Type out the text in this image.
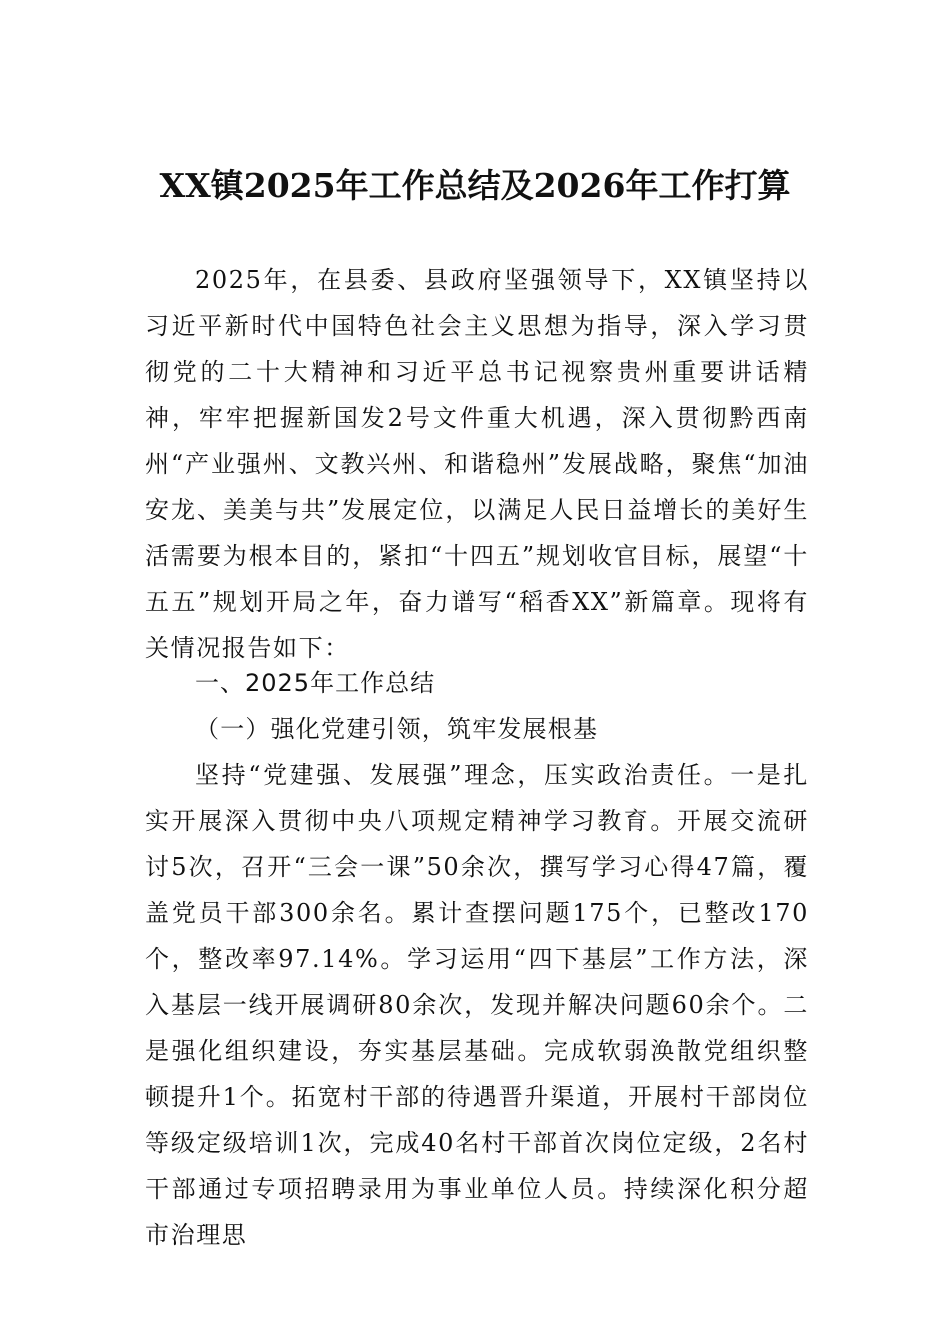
XX镇2025年工作总结及2026年工作打算

2025年，在县委、县政府坚强领导下，XX镇坚持以习近平新时代中国特色社会主义思想为指导，深入学习贯彻党的二十大精神和习近平总书记视察贵州重要讲话精神，牢牢把握新国发2号文件重大机遇，深入贯彻黔西南州“产业强州、文教兴州、和谐稳州”发展战略，聚焦“加油安龙、美美与共”发展定位，以满足人民日益增长的美好生活需要为根本目的，紧扣“十四五”规划收官目标，展望“十五五”规划开局之年，奋力谱写“稻香XX”新篇章。现将有关情况报告如下：

一、2025年工作总结

（一）强化党建引领，筑牢发展根基

坚持“党建强、发展强”理念，压实政治责任。一是扎实开展深入贯彻中央八项规定精神学习教育。开展交流研讨5次，召开“三会一课”50余次，撰写学习心得47篇，覆盖党员干部300余名。累计查摆问题175个，已整改170个，整改率97.14%。学习运用“四下基层”工作方法，深入基层一线开展调研80余次，发现并解决问题60余个。二是强化组织建设，夯实基层基础。完成软弱涣散党组织整顿提升1个。拓宽村干部的待遇晋升渠道，开展村干部岗位等级定级培训1次，完成40名村干部首次岗位定级，2名村干部通过专项招聘录用为事业单位人员。持续深化积分超市治理思
